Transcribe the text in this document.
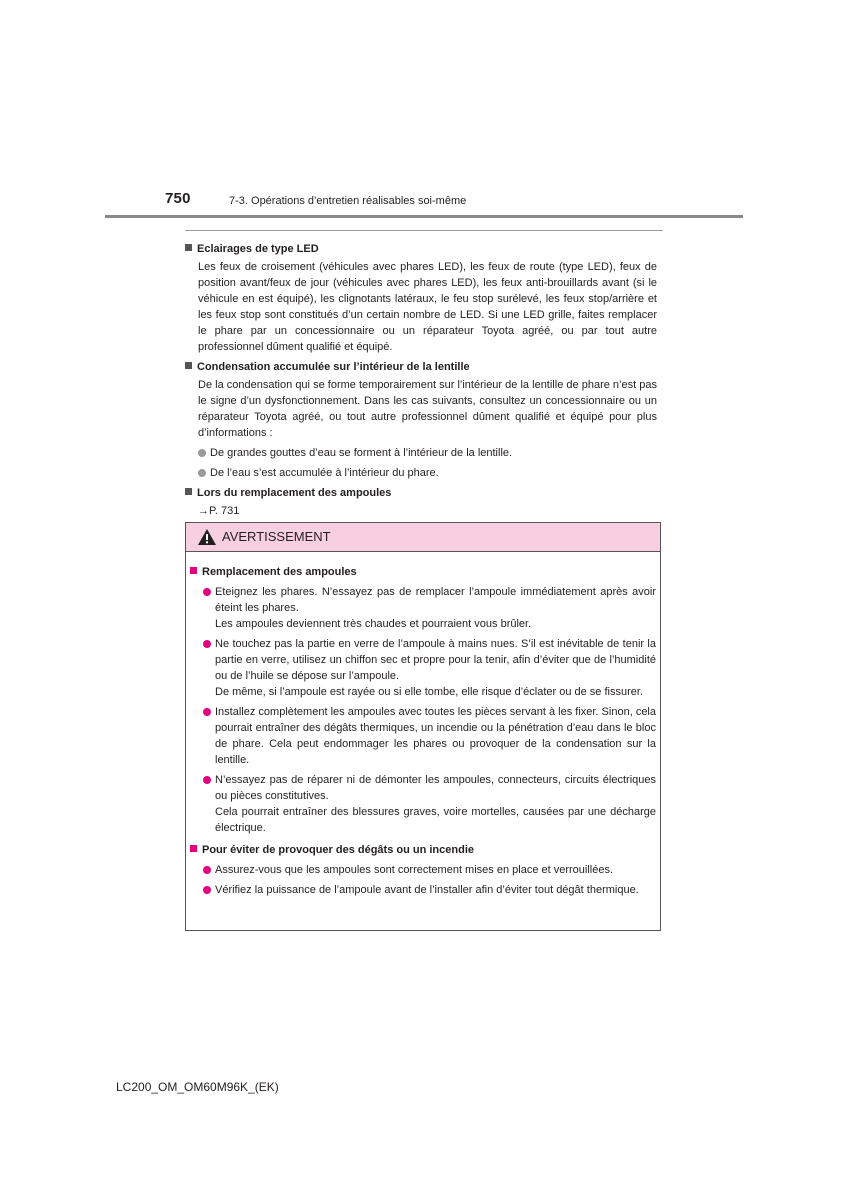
750	7-3. Opérations d’entretien réalisables soi-même

Eclairages de type LED

Les feux de croisement (véhicules avec phares LED), les feux de route (type LED), feux de position avant/feux de jour (véhicules avec phares LED), les feux anti-brouillards avant (si le véhicule en est équipé), les clignotants latéraux, le feu stop surélevé, les feux stop/arrière et les feux stop sont constitués d’un certain nombre de LED. Si une LED grille, faites remplacer le phare par un concessionnaire ou un réparateur Toyota agréé, ou par tout autre professionnel dûment qualifié et équipé.

Condensation accumulée sur l’intérieur de la lentille

De la condensation qui se forme temporairement sur l’intérieur de la lentille de phare n’est pas le signe d’un dysfonctionnement. Dans les cas suivants, consultez un concessionnaire ou un réparateur Toyota agréé, ou tout autre professionnel dûment qualifié et équipé pour plus d’informations :

De grandes gouttes d’eau se forment à l’intérieur de la lentille.
De l’eau s’est accumulée à l’intérieur du phare.

Lors du remplacement des ampoules

→P. 731

AVERTISSEMENT
Remplacement des ampoules
Eteignez les phares. N’essayez pas de remplacer l’ampoule immédiatement après avoir éteint les phares.
Les ampoules deviennent très chaudes et pourraient vous brûler.
Ne touchez pas la partie en verre de l’ampoule à mains nues. S’il est inévitable de tenir la partie en verre, utilisez un chiffon sec et propre pour la tenir, afin d’éviter que de l’humidité ou de l’huile se dépose sur l’ampoule.
De même, si l’ampoule est rayée ou si elle tombe, elle risque d’éclater ou de se fissurer.
Installez complètement les ampoules avec toutes les pièces servant à les fixer. Sinon, cela pourrait entraîner des dégâts thermiques, un incendie ou la pénétration d’eau dans le bloc de phare. Cela peut endommager les phares ou provoquer de la condensation sur la lentille.
N’essayez pas de réparer ni de démonter les ampoules, connecteurs, circuits électriques ou pièces constitutives.
Cela pourrait entraîner des blessures graves, voire mortelles, causées par une décharge électrique.
Pour éviter de provoquer des dégâts ou un incendie
Assurez-vous que les ampoules sont correctement mises en place et verrouillées.
Vérifiez la puissance de l’ampoule avant de l’installer afin d’éviter tout dégât thermique.
LC200_OM_OM60M96K_(EK)
